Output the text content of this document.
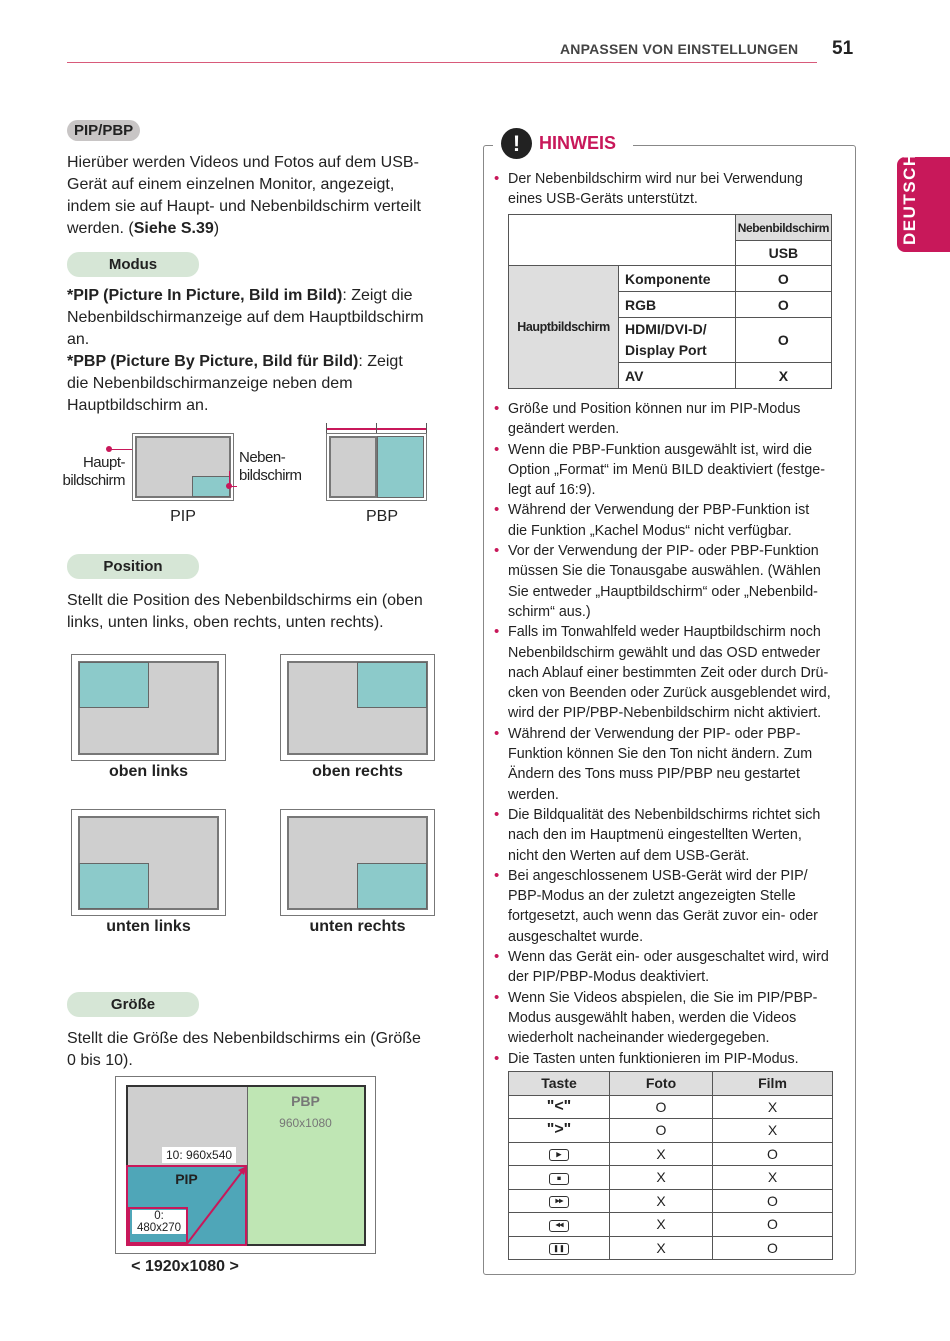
ANPASSEN VON EINSTELLUNGEN 51
DEUTSCH
PIP/PBP
Hierüber werden Videos und Fotos auf dem USB-
Gerät auf einem einzelnen Monitor, angezeigt,
indem sie auf Haupt- und Nebenbildschirm verteilt
werden. (Siehe S.39)
Modus
*PIP (Picture In Picture, Bild im Bild): Zeigt die
Nebenbildschirmanzeige auf dem Hauptbildschirm
an.
*PBP (Picture By Picture, Bild für Bild): Zeigt
die Nebenbildschirmanzeige neben dem
Hauptbildschirm an.
Haupt-
bildschirm
Neben-
bildschirm
PIP	PBP
Position
Stellt die Position des Nebenbildschirms ein (oben
links, unten links, oben rechts, unten rechts).
oben links	oben rechts
unten links	unten rechts
Größe
Stellt die Größe des Nebenbildschirms ein (Größe
0 bis 10).
PBP
960x1080
10: 960x540
PIP
0:
480x270
< 1920x1080 >
!	HINWEIS
• Der Nebenbildschirm wird nur bei Verwendung
eines USB-Geräts unterstützt.
		Nebenbildschirm
		USB
Hauptbildschirm	Komponente	O
	RGB	O

	HDMI/DVI-D/
Display Port	O
	AV	X
• Größe und Position können nur im PIP-Modus
geändert werden.
• Wenn die PBP-Funktion ausgewählt ist, wird die
Option „Format“ im Menü BILD deaktiviert (festge-
legt auf 16:9).
• Während der Verwendung der PBP-Funktion ist
die Funktion „Kachel Modus“ nicht verfügbar.
• Vor der Verwendung der PIP- oder PBP-Funktion
müssen Sie die Tonausgabe auswählen. (Wählen
Sie entweder „Hauptbildschirm“ oder „Nebenbild-
schirm“ aus.)
• Falls im Tonwahlfeld weder Hauptbildschirm noch
Nebenbildschirm gewählt und das OSD entweder
nach Ablauf einer bestimmten Zeit oder durch Drü-
cken von Beenden oder Zurück ausgeblendet wird,
wird der PIP/PBP-Nebenbildschirm nicht aktiviert.
• Während der Verwendung der PIP- oder PBP-
Funktion können Sie den Ton nicht ändern. Zum
Ändern des Tons muss PIP/PBP neu gestartet
werden.
• Die Bildqualität des Nebenbildschirms richtet sich
nach den im Hauptmenü eingestellten Werten,
nicht den Werten auf dem USB-Gerät.
• Bei angeschlossenem USB-Gerät wird der PIP/
PBP-Modus an der zuletzt angezeigten Stelle
fortgesetzt, auch wenn das Gerät zuvor ein- oder
ausgeschaltet wurde.
• Wenn das Gerät ein- oder ausgeschaltet wird, wird
der PIP/PBP-Modus deaktiviert.
• Wenn Sie Videos abspielen, die Sie im PIP/PBP-
Modus ausgewählt haben, werden die Videos
wiederholt nacheinander wiedergegeben.
• Die Tasten unten funktionieren im PIP-Modus.
Taste	Foto	Film
"<"	O	X
">"	O	X

▶	X	O

■	X	X

▶▶	X	O

◀◀	X	O

❚❚	X	O
